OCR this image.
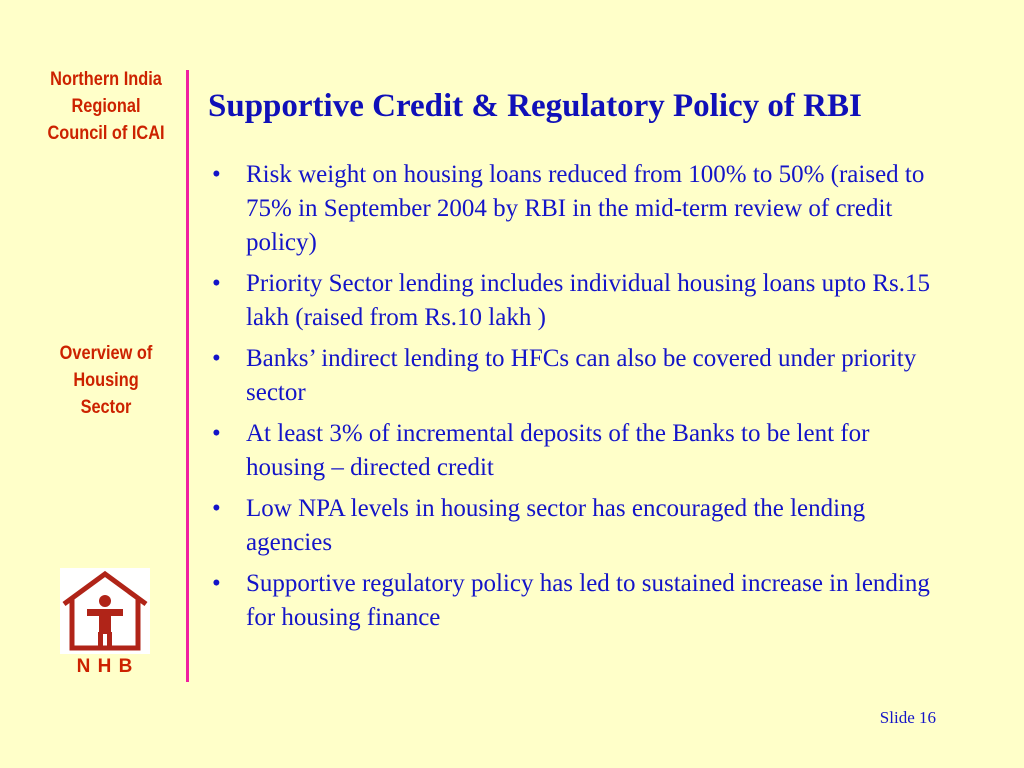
Northern India
Regional
Council of ICAI
Overview of
Housing
Sector
N H B
Supportive Credit & Regulatory Policy of RBI
•	Risk weight on housing loans reduced from 100% to 50% (raised to 75% in September 2004 by RBI in the mid-term review of credit policy)
•	Priority Sector lending includes individual housing loans upto Rs.15 lakh (raised from Rs.10 lakh )
•	Banks’ indirect lending to HFCs can also be covered under priority sector
•	At least 3% of incremental deposits of the Banks to be lent for housing – directed credit
•	Low NPA levels in housing sector has encouraged the lending agencies
•	Supportive regulatory policy has led to sustained increase in lending for housing finance
Slide 16
